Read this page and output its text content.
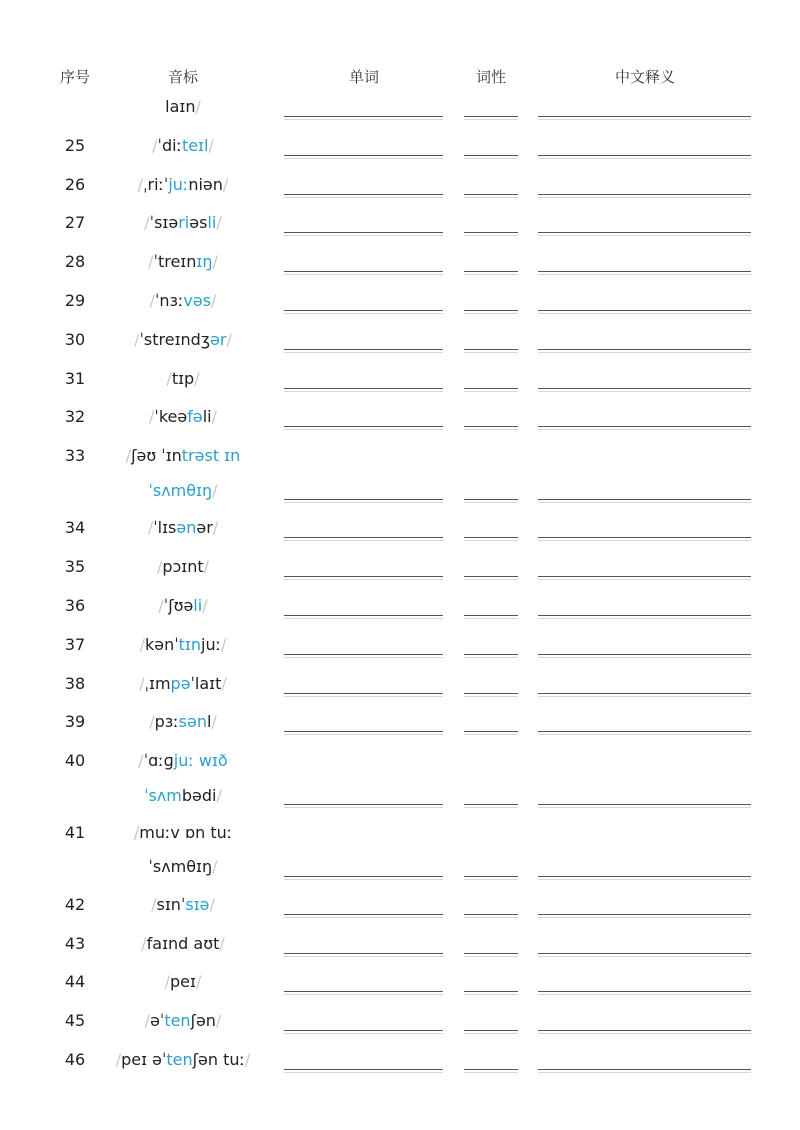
序号	音标	单词	词性	中文释义
laɪn/
25	/ˈdiːteɪl/
26	/ˌriːˈjuːniən/
27	/ˈsɪəriəsli/
28	/ˈtreɪnɪŋ/
29	/ˈnɜːvəs/
30	/ˈstreɪndʒər/
31	/tɪp/
32	/ˈkeəfəli/
33	/ʃəʊ ˈɪntrəst ɪn
ˈsʌmθɪŋ/
34	/ˈlɪsənər/
35	/pɔɪnt/
36	/ˈʃʊəli/
37	/kənˈtɪnjuː/
38	/ˌɪmpəˈlaɪt/
39	/pɜːsənl/
40	/ˈɑːɡjuː wɪð
ˈsʌmbədi/
41	/muːv ɒn tuː
ˈsʌmθɪŋ/
42	/sɪnˈsɪə/
43	/faɪnd aʊt/
44	/peɪ/
45	/əˈtenʃən/
46 /peɪ əˈtenʃən tuː/
